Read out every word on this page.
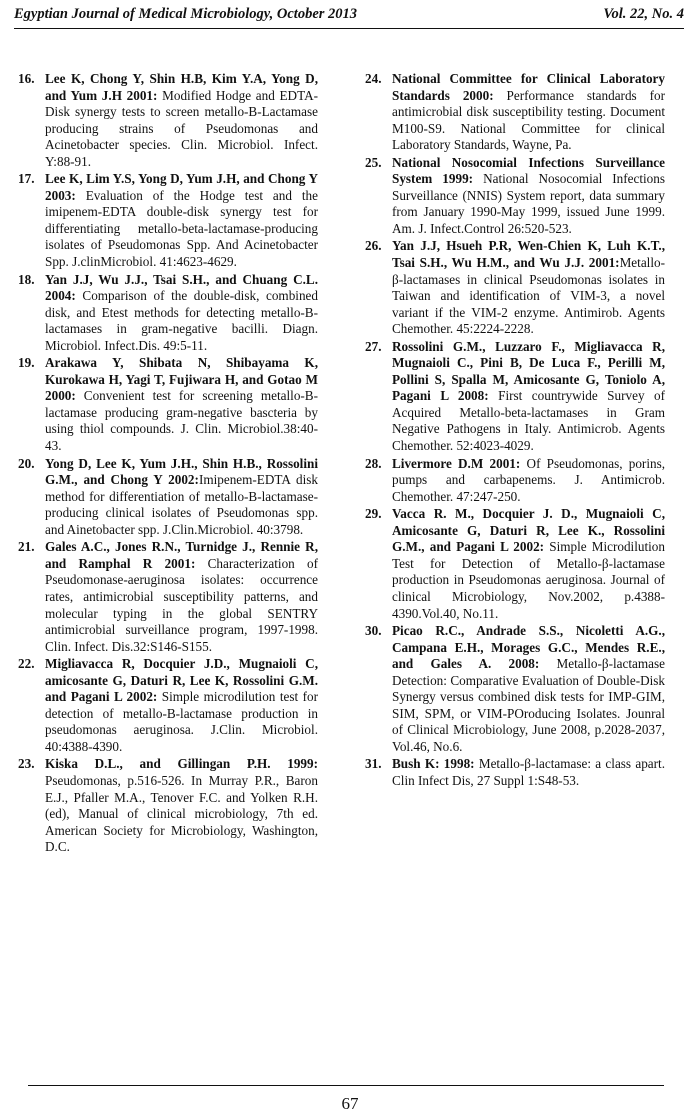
Egyptian Journal of Medical Microbiology, October 2013	Vol. 22, No. 4
16. Lee K, Chong Y, Shin H.B, Kim Y.A, Yong D, and Yum J.H 2001: Modified Hodge and EDTA-Disk synergy tests to screen metallo-B-Lactamase producing strains of Pseudomonas and Acinetobacter species. Clin. Microbiol. Infect. Y:88-91.
17. Lee K, Lim Y.S, Yong D, Yum J.H, and Chong Y 2003: Evaluation of the Hodge test and the imipenem-EDTA double-disk synergy test for differentiating metallo-beta-lactamase-producing isolates of Pseudomonas Spp. And Acinetobacter Spp. J.clinMicrobiol. 41:4623-4629.
18. Yan J.J, Wu J.J., Tsai S.H., and Chuang C.L. 2004: Comparison of the double-disk, combined disk, and Etest methods for detecting metallo-B-lactamases in gram-negative bacilli. Diagn. Microbiol. Infect.Dis. 49:5-11.
19. Arakawa Y, Shibata N, Shibayama K, Kurokawa H, Yagi T, Fujiwara H, and Gotao M 2000: Convenient test for screening metallo-B-lactamase producing gram-negative bascteria by using thiol compounds. J. Clin. Microbiol.38:40-43.
20. Yong D, Lee K, Yum J.H., Shin H.B., Rossolini G.M., and Chong Y 2002:Imipenem-EDTA disk method for differentiation of metallo-B-lactamase-producing clinical isolates of Pseudomonas spp. and Ainetobacter spp. J.Clin.Microbiol. 40:3798.
21. Gales A.C., Jones R.N., Turnidge J., Rennie R, and Ramphal R 2001: Characterization of Pseudomonase-aeruginosa isolates: occurrence rates, antimicrobial susceptibility patterns, and molecular typing in the global SENTRY antimicrobial surveillance program, 1997-1998. Clin. Infect. Dis.32:S146-S155.
22. Migliavacca R, Docquier J.D., Mugnaioli C, amicosante G, Daturi R, Lee K, Rossolini G.M. and Pagani L 2002: Simple microdilution test for detection of metallo-B-lactamase production in pseudomonas aeruginosa. J.Clin. Microbiol. 40:4388-4390.
23. Kiska D.L., and Gillingan P.H. 1999: Pseudomonas, p.516-526. In Murray P.R., Baron E.J., Pfaller M.A., Tenover F.C. and Yolken R.H. (ed), Manual of clinical microbiology, 7th ed. American Society for Microbiology, Washington, D.C.
24. National Committee for Clinical Laboratory Standards 2000: Performance standards for antimicrobial disk susceptibility testing. Document M100-S9. National Committee for clinical Laboratory Standards, Wayne, Pa.
25. National Nosocomial Infections Surveillance System 1999: National Nosocomial Infections Surveillance (NNIS) System report, data summary from January 1990-May 1999, issued June 1999. Am. J. Infect.Control 26:520-523.
26. Yan J.J, Hsueh P.R, Wen-Chien K, Luh K.T., Tsai S.H., Wu H.M., and Wu J.J. 2001:Metallo-β-lactamases in clinical Pseudomonas isolates in Taiwan and identification of VIM-3, a novel variant if the VIM-2 enzyme. Antimirob. Agents Chemother. 45:2224-2228.
27. Rossolini G.M., Luzzaro F., Migliavacca R, Mugnaioli C., Pini B, De Luca F., Perilli M, Pollini S, Spalla M, Amicosante G, Toniolo A, Pagani L 2008: First countrywide Survey of Acquired Metallo-beta-lactamases in Gram Negative Pathogens in Italy. Antimicrob. Agents Chemother. 52:4023-4029.
28. Livermore D.M 2001: Of Pseudomonas, porins, pumps and carbapenems. J. Antimicrob. Chemother. 47:247-250.
29. Vacca R. M., Docquier J. D., Mugnaioli C, Amicosante G, Daturi R, Lee K., Rossolini G.M., and Pagani L 2002: Simple Microdilution Test for Detection of Metallo-β-lactamase production in Pseudomonas aeruginosa. Journal of clinical Microbiology, Nov.2002, p.4388-4390.Vol.40, No.11.
30. Picao R.C., Andrade S.S., Nicoletti A.G., Campana E.H., Morages G.C., Mendes R.E., and Gales A. 2008: Metallo-β-lactamase Detection: Comparative Evaluation of Double-Disk Synergy versus combined disk tests for IMP-GIM, SIM, SPM, or VIM-POroducing Isolates. Jounral of Clinical Microbiology, June 2008, p.2028-2037, Vol.46, No.6.
31. Bush K: 1998: Metallo-β-lactamase: a class apart. Clin Infect Dis, 27 Suppl 1:S48-53.
67
